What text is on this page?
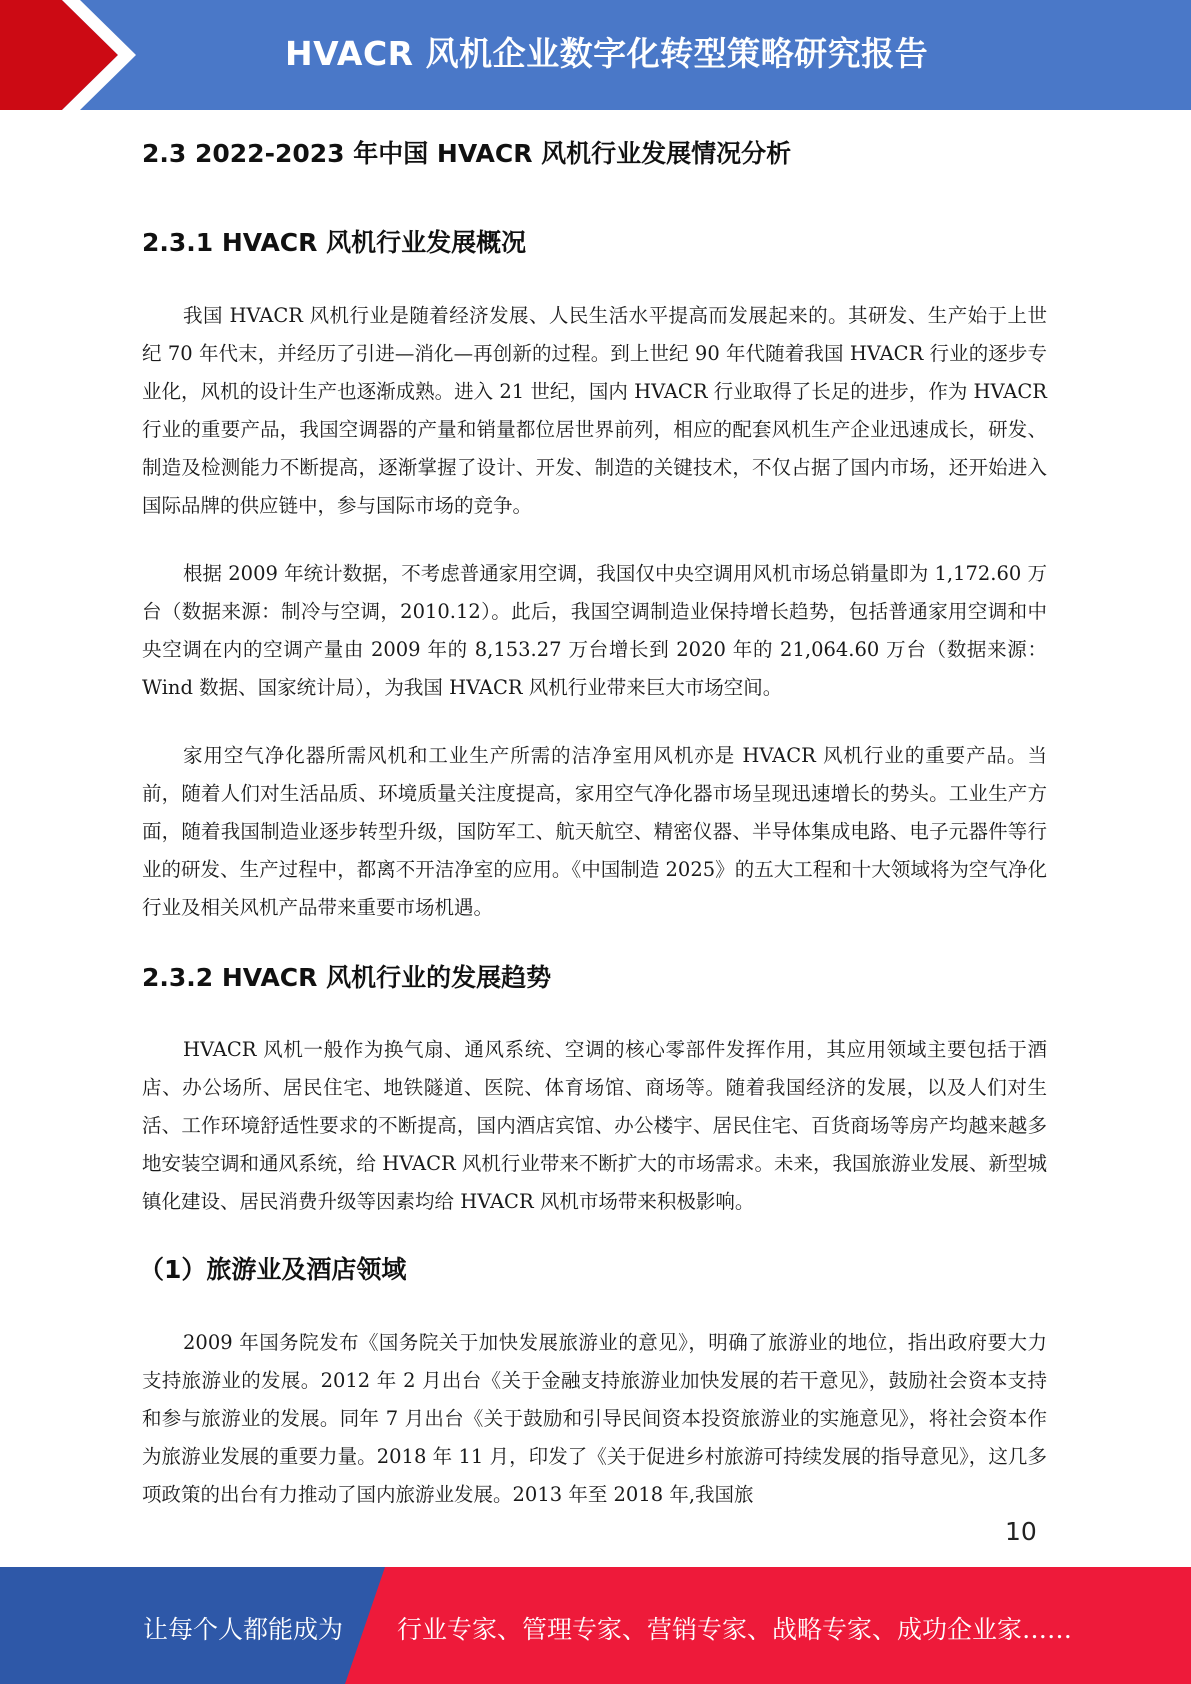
HVACR 风机企业数字化转型策略研究报告
2.3 2022-2023 年中国 HVACR 风机行业发展情况分析
2.3.1 HVACR 风机行业发展概况

我国 HVACR 风机行业是随着经济发展、人民生活水平提高而发展起来的。其研发、生产始于上世纪 70 年代末，并经历了引进—消化—再创新的过程。到上世纪 90 年代随着我国 HVACR 行业的逐步专业化，风机的设计生产也逐渐成熟。进入 21 世纪，国内 HVACR 行业取得了长足的进步，作为 HVACR 行业的重要产品，我国空调器的产量和销量都位居世界前列，相应的配套风机生产企业迅速成长，研发、制造及检测能力不断提高，逐渐掌握了设计、开发、制造的关键技术，不仅占据了国内市场，还开始进入国际品牌的供应链中，参与国际市场的竞争。

根据 2009 年统计数据，不考虑普通家用空调，我国仅中央空调用风机市场总销量即为 1,172.60 万台（数据来源：制冷与空调，2010.12）。此后，我国空调制造业保持增长趋势，包括普通家用空调和中央空调在内的空调产量由 2009 年的 8,153.27 万台增长到 2020 年的 21,064.60 万台（数据来源：Wind 数据、国家统计局），为我国 HVACR 风机行业带来巨大市场空间。

家用空气净化器所需风机和工业生产所需的洁净室用风机亦是 HVACR 风机行业的重要产品。当前，随着人们对生活品质、环境质量关注度提高，家用空气净化器市场呈现迅速增长的势头。工业生产方面，随着我国制造业逐步转型升级，国防军工、航天航空、精密仪器、半导体集成电路、电子元器件等行业的研发、生产过程中，都离不开洁净室的应用。《中国制造 2025》的五大工程和十大领域将为空气净化行业及相关风机产品带来重要市场机遇。

2.3.2 HVACR 风机行业的发展趋势

HVACR 风机一般作为换气扇、通风系统、空调的核心零部件发挥作用，其应用领域主要包括于酒店、办公场所、居民住宅、地铁隧道、医院、体育场馆、商场等。随着我国经济的发展，以及人们对生活、工作环境舒适性要求的不断提高，国内酒店宾馆、办公楼宇、居民住宅、百货商场等房产均越来越多地安装空调和通风系统，给 HVACR 风机行业带来不断扩大的市场需求。未来，我国旅游业发展、新型城镇化建设、居民消费升级等因素均给 HVACR 风机市场带来积极影响。

（1）旅游业及酒店领域

2009 年国务院发布《国务院关于加快发展旅游业的意见》，明确了旅游业的地位，指出政府要大力支持旅游业的发展。2012 年 2 月出台《关于金融支持旅游业加快发展的若干意见》，鼓励社会资本支持和参与旅游业的发展。同年 7 月出台《关于鼓励和引导民间资本投资旅游业的实施意见》，将社会资本作为旅游业发展的重要力量。2018 年 11 月，印发了《关于促进乡村旅游可持续发展的指导意见》，这几多项政策的出台有力推动了国内旅游业发展。2013 年至 2018 年,我国旅

10
让每个人都能成为 行业专家、管理专家、营销专家、战略专家、成功企业家……
